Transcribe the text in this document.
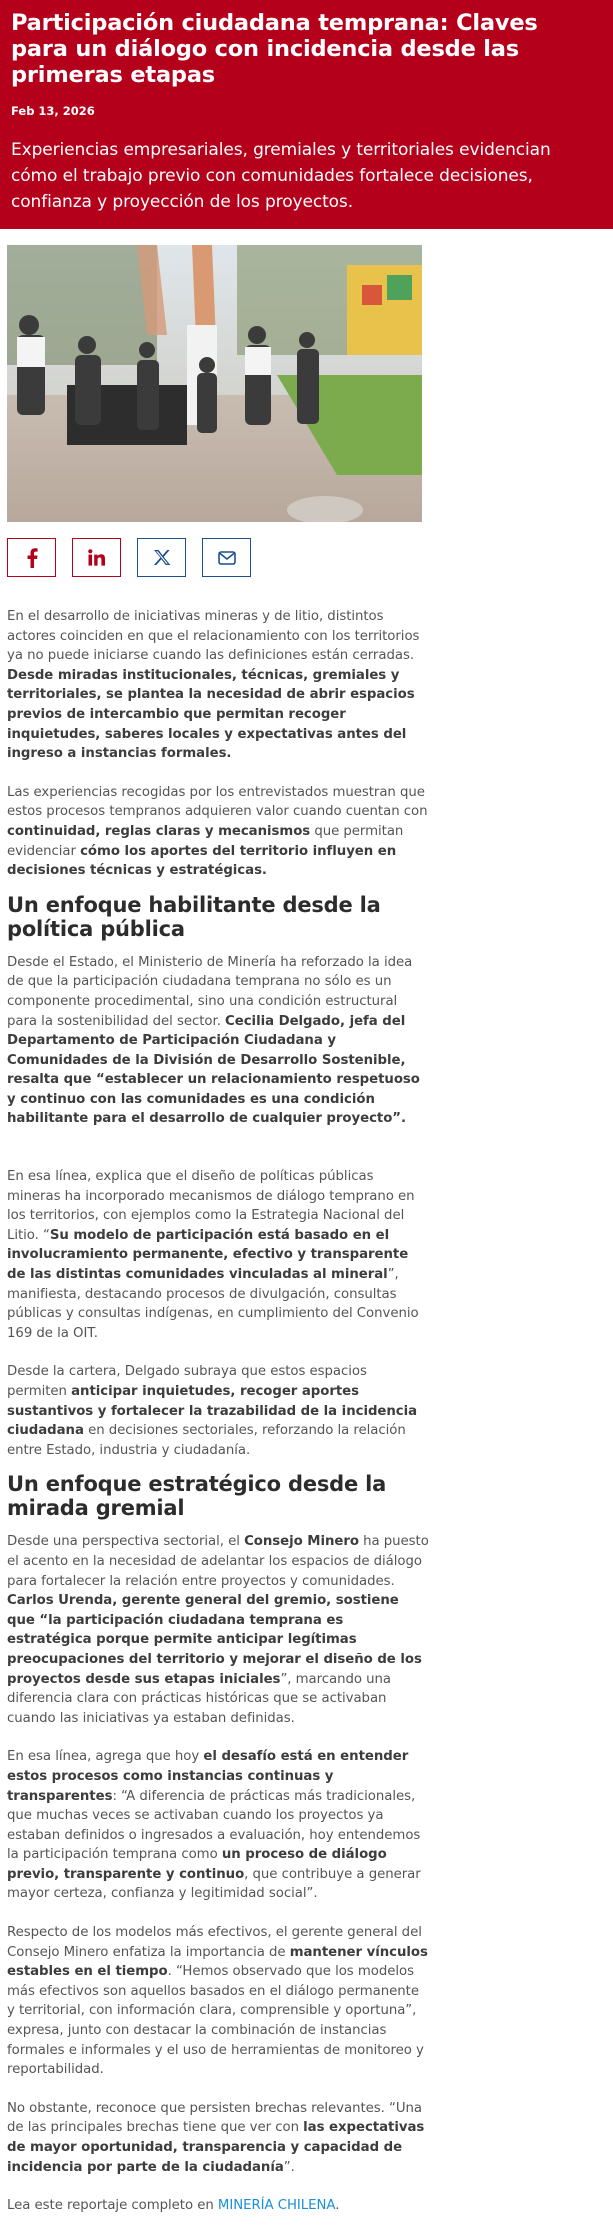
Participación ciudadana temprana: Claves para un diálogo con incidencia desde las primeras etapas
Feb 13, 2026
Experiencias empresariales, gremiales y territoriales evidencian cómo el trabajo previo con comunidades fortalece decisiones, confianza y proyección de los proyectos.

En el desarrollo de iniciativas mineras y de litio, distintos actores coinciden en que el relacionamiento con los territorios ya no puede iniciarse cuando las definiciones están cerradas. Desde miradas institucionales, técnicas, gremiales y territoriales, se plantea la necesidad de abrir espacios previos de intercambio que permitan recoger inquietudes, saberes locales y expectativas antes del ingreso a instancias formales.

Las experiencias recogidas por los entrevistados muestran que estos procesos tempranos adquieren valor cuando cuentan con continuidad, reglas claras y mecanismos que permitan evidenciar cómo los aportes del territorio influyen en decisiones técnicas y estratégicas.

Un enfoque habilitante desde la política pública

Desde el Estado, el Ministerio de Minería ha reforzado la idea de que la participación ciudadana temprana no sólo es un componente procedimental, sino una condición estructural para la sostenibilidad del sector. Cecilia Delgado, jefa del Departamento de Participación Ciudadana y Comunidades de la División de Desarrollo Sostenible, resalta que “establecer un relacionamiento respetuoso y continuo con las comunidades es una condición habilitante para el desarrollo de cualquier proyecto”.

En esa línea, explica que el diseño de políticas públicas mineras ha incorporado mecanismos de diálogo temprano en los territorios, con ejemplos como la Estrategia Nacional del Litio. “Su modelo de participación está basado en el involucramiento permanente, efectivo y transparente de las distintas comunidades vinculadas al mineral”, manifiesta, destacando procesos de divulgación, consultas públicas y consultas indígenas, en cumplimiento del Convenio 169 de la OIT.

Desde la cartera, Delgado subraya que estos espacios permiten anticipar inquietudes, recoger aportes sustantivos y fortalecer la trazabilidad de la incidencia ciudadana en decisiones sectoriales, reforzando la relación entre Estado, industria y ciudadanía.

Un enfoque estratégico desde la mirada gremial

Desde una perspectiva sectorial, el Consejo Minero ha puesto el acento en la necesidad de adelantar los espacios de diálogo para fortalecer la relación entre proyectos y comunidades. Carlos Urenda, gerente general del gremio, sostiene que “la participación ciudadana temprana es estratégica porque permite anticipar legítimas preocupaciones del territorio y mejorar el diseño de los proyectos desde sus etapas iniciales”, marcando una diferencia clara con prácticas históricas que se activaban cuando las iniciativas ya estaban definidas.

En esa línea, agrega que hoy el desafío está en entender estos procesos como instancias continuas y transparentes: “A diferencia de prácticas más tradicionales, que muchas veces se activaban cuando los proyectos ya estaban definidos o ingresados a evaluación, hoy entendemos la participación temprana como un proceso de diálogo previo, transparente y continuo, que contribuye a generar mayor certeza, confianza y legitimidad social”.

Respecto de los modelos más efectivos, el gerente general del Consejo Minero enfatiza la importancia de mantener vínculos estables en el tiempo. “Hemos observado que los modelos más efectivos son aquellos basados en el diálogo permanente y territorial, con información clara, comprensible y oportuna”, expresa, junto con destacar la combinación de instancias formales e informales y el uso de herramientas de monitoreo y reportabilidad.

No obstante, reconoce que persisten brechas relevantes. “Una de las principales brechas tiene que ver con las expectativas de mayor oportunidad, transparencia y capacidad de incidencia por parte de la ciudadanía”.

Lea este reportaje completo en MINERÍA CHILENA.
